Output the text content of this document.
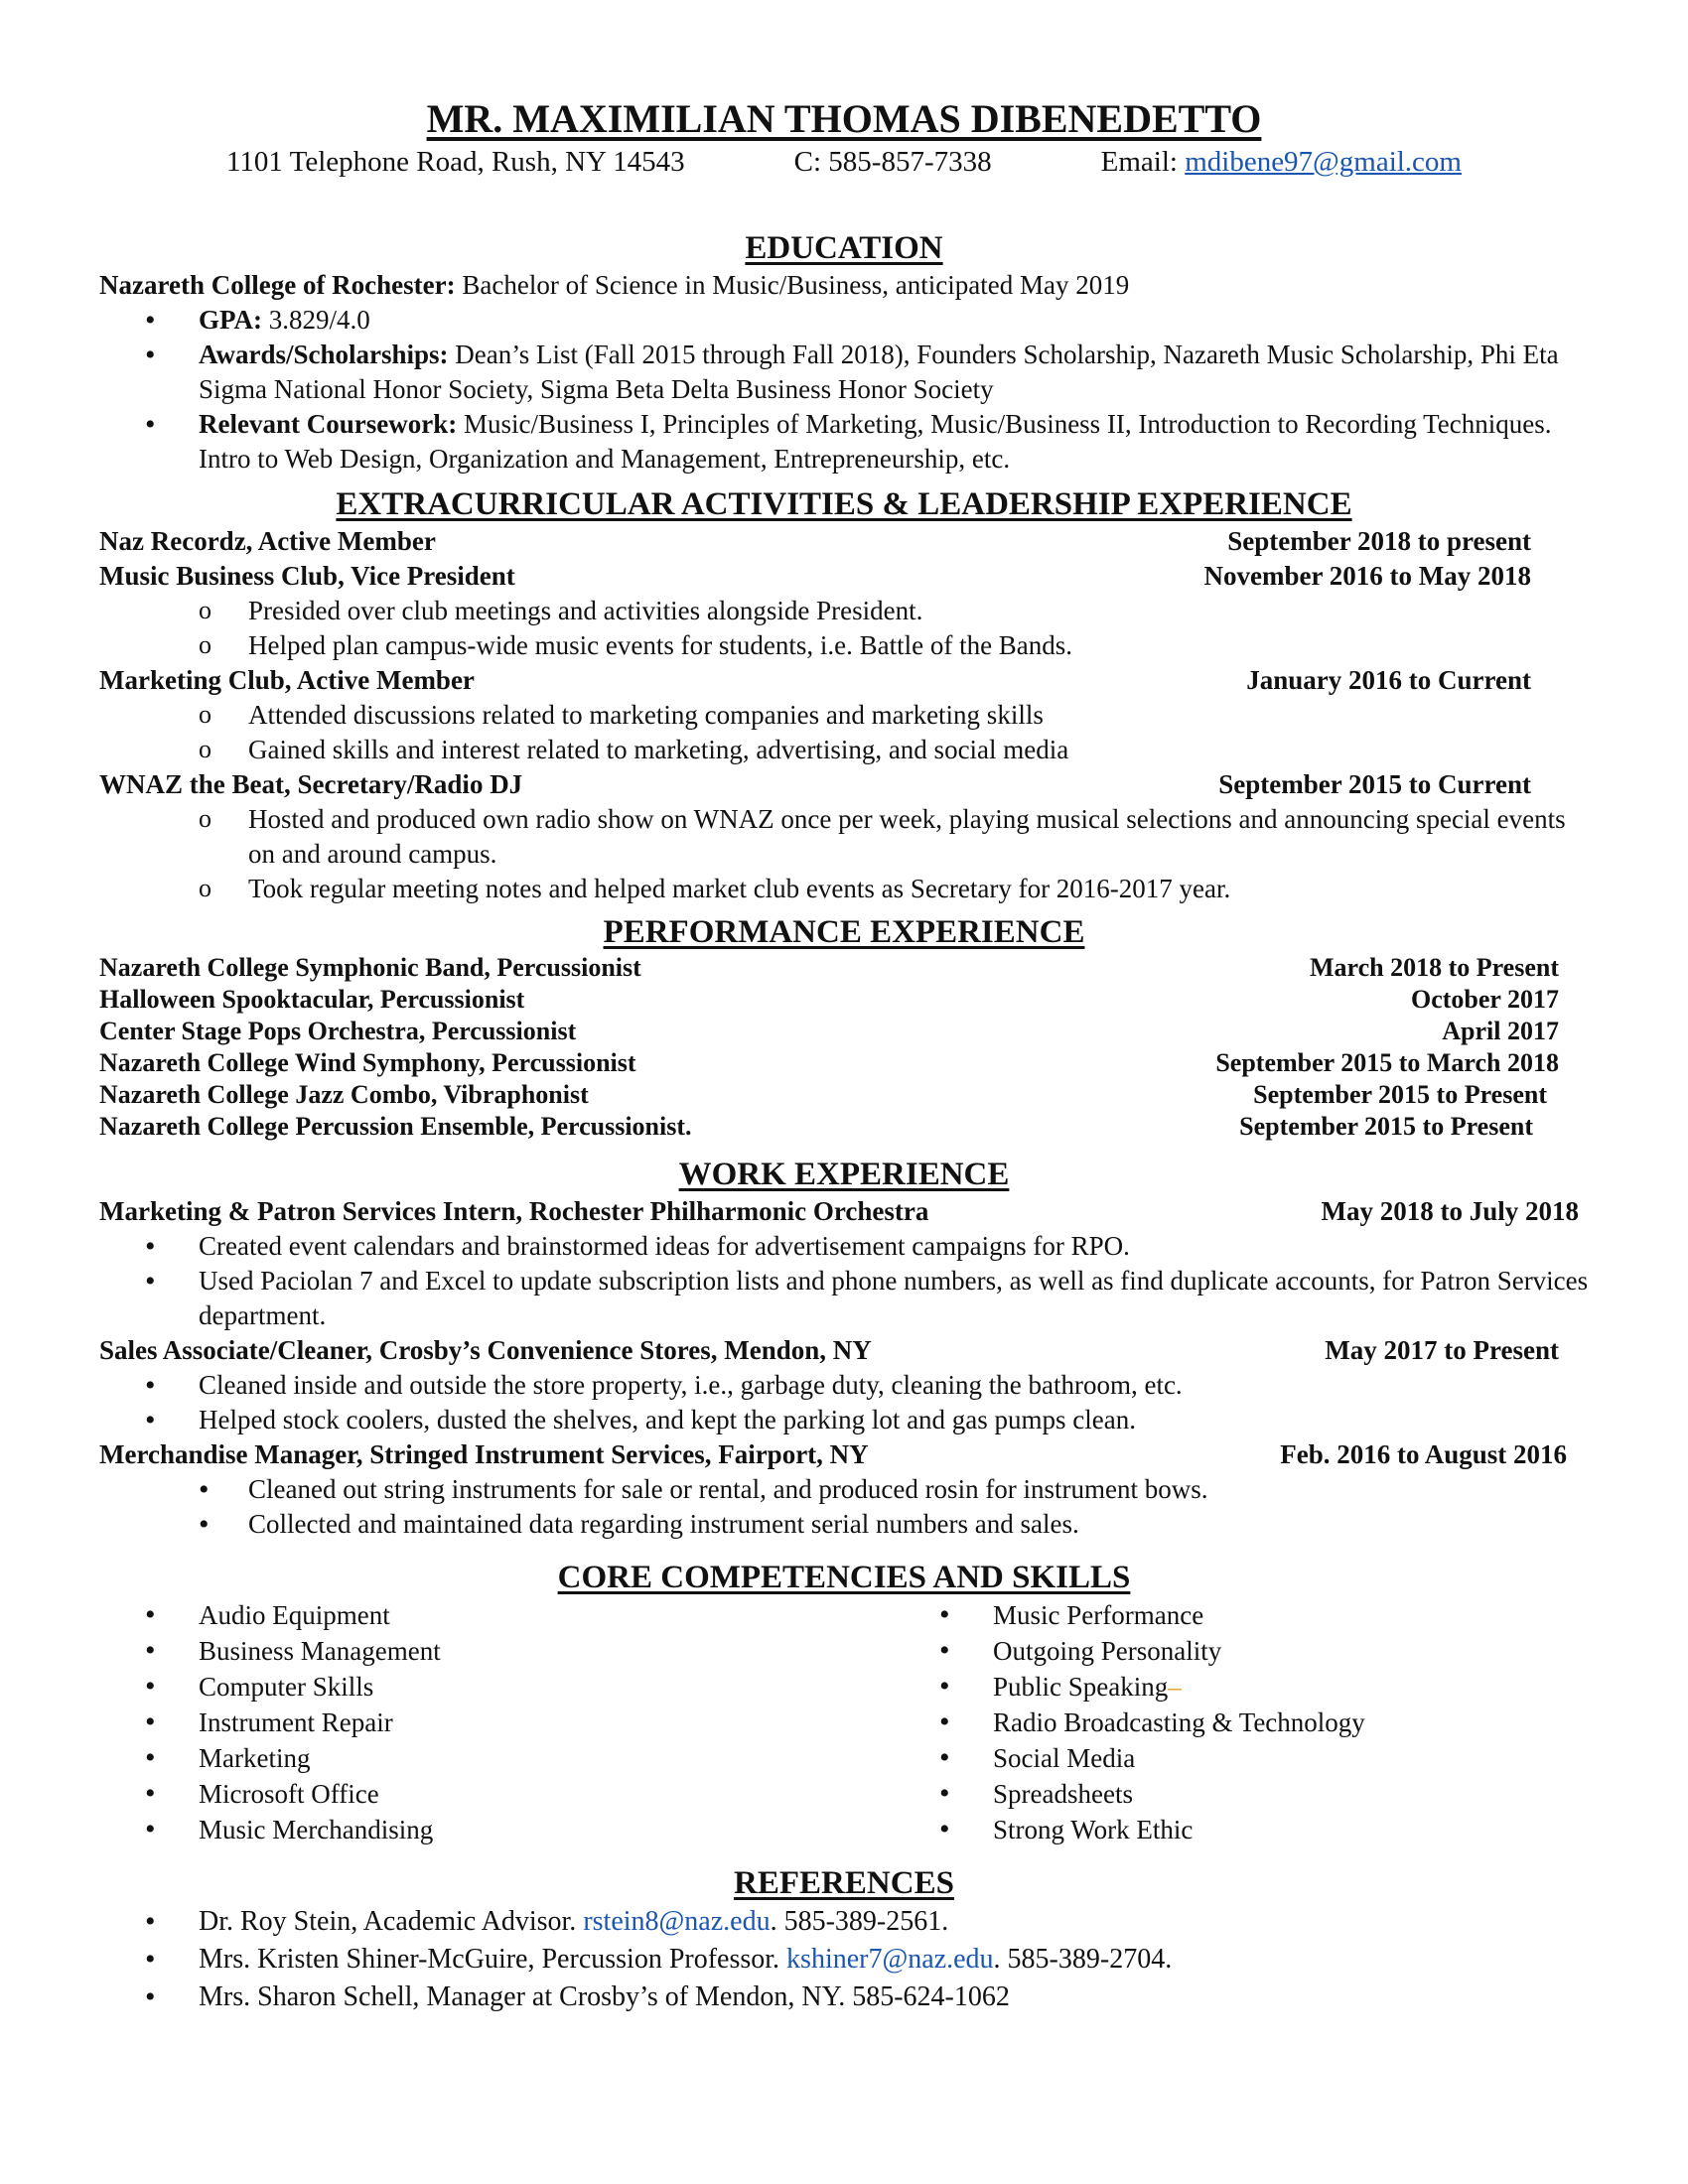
MR. MAXIMILIAN THOMAS DIBENEDETTO
1101 Telephone Road, Rush, NY 14543	C: 585-857-7338	Email: mdibene97@gmail.com
EDUCATION

Nazareth College of Rochester: Bachelor of Science in Music/Business, anticipated May 2019

• GPA: 3.829/4.0
• Awards/Scholarships: Dean’s List (Fall 2015 through Fall 2018), Founders Scholarship, Nazareth Music Scholarship, Phi Eta Sigma National Honor Society, Sigma Beta Delta Business Honor Society
• Relevant Coursework: Music/Business I, Principles of Marketing, Music/Business II, Introduction to Recording Techniques. Intro to Web Design, Organization and Management, Entrepreneurship, etc.
EXTRACURRICULAR ACTIVITIES & LEADERSHIP EXPERIENCE
Naz Recordz, Active Member	September 2018 to present
Music Business Club, Vice President	November 2016 to May 2018
o Presided over club meetings and activities alongside President.
o Helped plan campus-wide music events for students, i.e. Battle of the Bands.
Marketing Club, Active Member	January 2016 to Current
o Attended discussions related to marketing companies and marketing skills
o Gained skills and interest related to marketing, advertising, and social media
WNAZ the Beat, Secretary/Radio DJ	September 2015 to Current
o Hosted and produced own radio show on WNAZ once per week, playing musical selections and announcing special events on and around campus.
o Took regular meeting notes and helped market club events as Secretary for 2016-2017 year.
PERFORMANCE EXPERIENCE
Nazareth College Symphonic Band, Percussionist	March 2018 to Present
Halloween Spooktacular, Percussionist	October 2017
Center Stage Pops Orchestra, Percussionist	April 2017
Nazareth College Wind Symphony, Percussionist	September 2015 to March 2018
Nazareth College Jazz Combo, Vibraphonist	September 2015 to Present
Nazareth College Percussion Ensemble, Percussionist.	September 2015 to Present
WORK EXPERIENCE
Marketing & Patron Services Intern, Rochester Philharmonic Orchestra	May 2018 to July 2018
• Created event calendars and brainstormed ideas for advertisement campaigns for RPO.
• Used Paciolan 7 and Excel to update subscription lists and phone numbers, as well as find duplicate accounts, for Patron Services department.
Sales Associate/Cleaner, Crosby’s Convenience Stores, Mendon, NY	May 2017 to Present
• Cleaned inside and outside the store property, i.e., garbage duty, cleaning the bathroom, etc.
• Helped stock coolers, dusted the shelves, and kept the parking lot and gas pumps clean.
Merchandise Manager, Stringed Instrument Services, Fairport, NY	Feb. 2016 to August 2016
• Cleaned out string instruments for sale or rental, and produced rosin for instrument bows.
• Collected and maintained data regarding instrument serial numbers and sales.
CORE COMPETENCIES AND SKILLS
• Audio Equipment
• Business Management
• Computer Skills
• Instrument Repair
• Marketing
• Microsoft Office
• Music Merchandising
• Music Performance
• Outgoing Personality
• Public Speaking–
• Radio Broadcasting & Technology
• Social Media
• Spreadsheets
• Strong Work Ethic
REFERENCES
• Dr. Roy Stein, Academic Advisor. rstein8@naz.edu. 585-389-2561.
• Mrs. Kristen Shiner-McGuire, Percussion Professor. kshiner7@naz.edu. 585-389-2704.
• Mrs. Sharon Schell, Manager at Crosby’s of Mendon, NY. 585-624-1062
